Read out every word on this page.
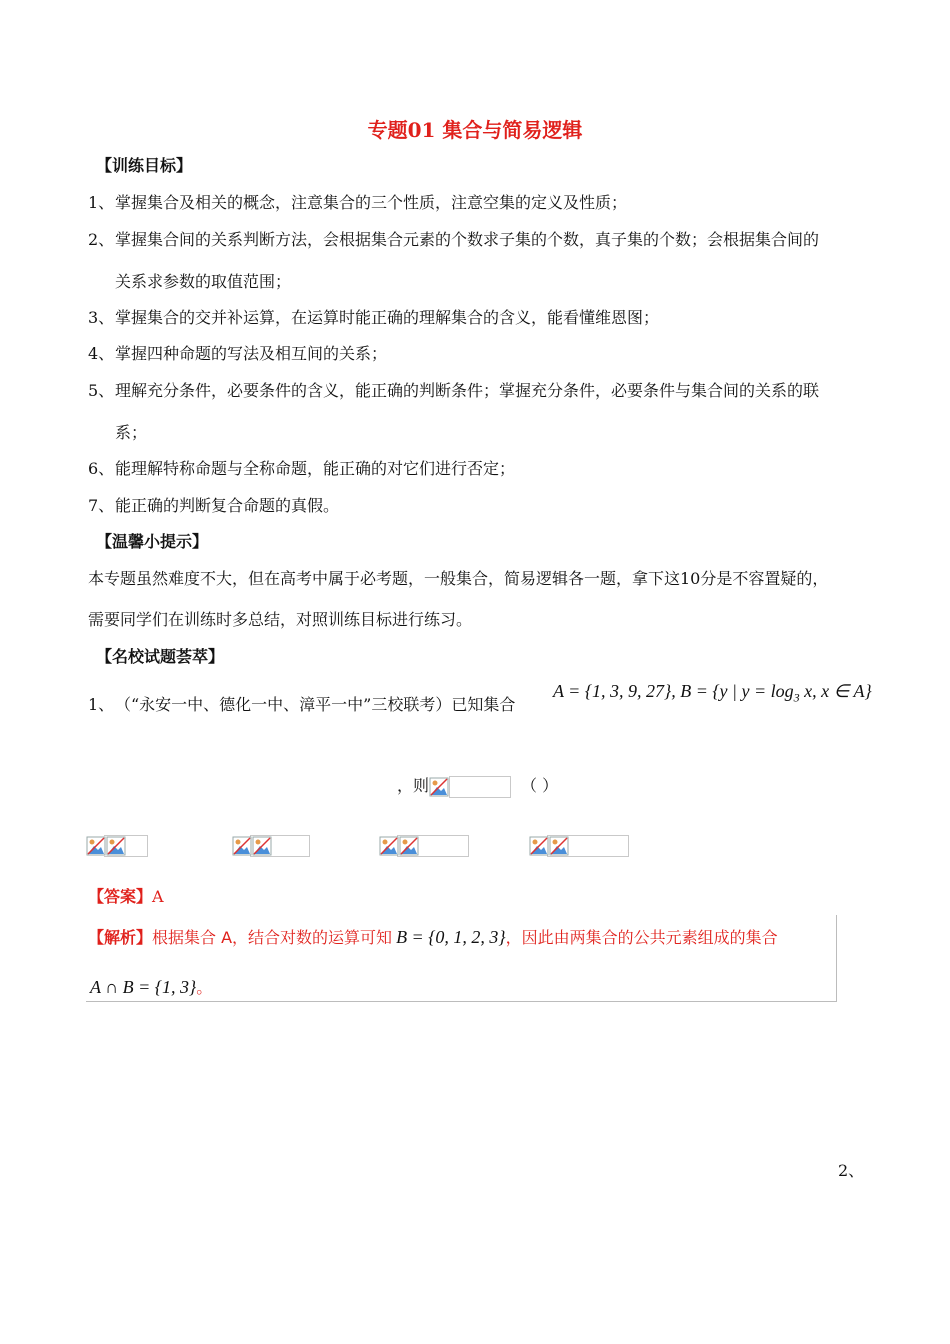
专题01 集合与简易逻辑
【训练目标】
1、掌握集合及相关的概念，注意集合的三个性质，注意空集的定义及性质；
2、掌握集合间的关系判断方法，会根据集合元素的个数求子集的个数，真子集的个数；会根据集合间的
关系求参数的取值范围；
3、掌握集合的交并补运算，在运算时能正确的理解集合的含义，能看懂维恩图；
4、掌握四种命题的写法及相互间的关系；
5、理解充分条件，必要条件的含义，能正确的判断条件；掌握充分条件，必要条件与集合间的关系的联
系；
6、能理解特称命题与全称命题，能正确的对它们进行否定；
7、能正确的判断复合命题的真假。
【温馨小提示】
本专题虽然难度不大，但在高考中属于必考题，一般集合，简易逻辑各一题，拿下这10分是不容置疑的，
需要同学们在训练时多总结，对照训练目标进行练习。
【名校试题荟萃】
1、（“永安一中、德化一中、漳平一中”三校联考）已知集合
A = {1, 3, 9, 27}, B = {y | $y = \log_3 x$, x ∈ A}
，则	（ ）
【答案】A
【解析】根据集合 A，结合对数的运算可知 B = {0, 1, 2, 3}，因此由两集合的公共元素组成的集合
A ∩ B = {1, 3}。
2、
